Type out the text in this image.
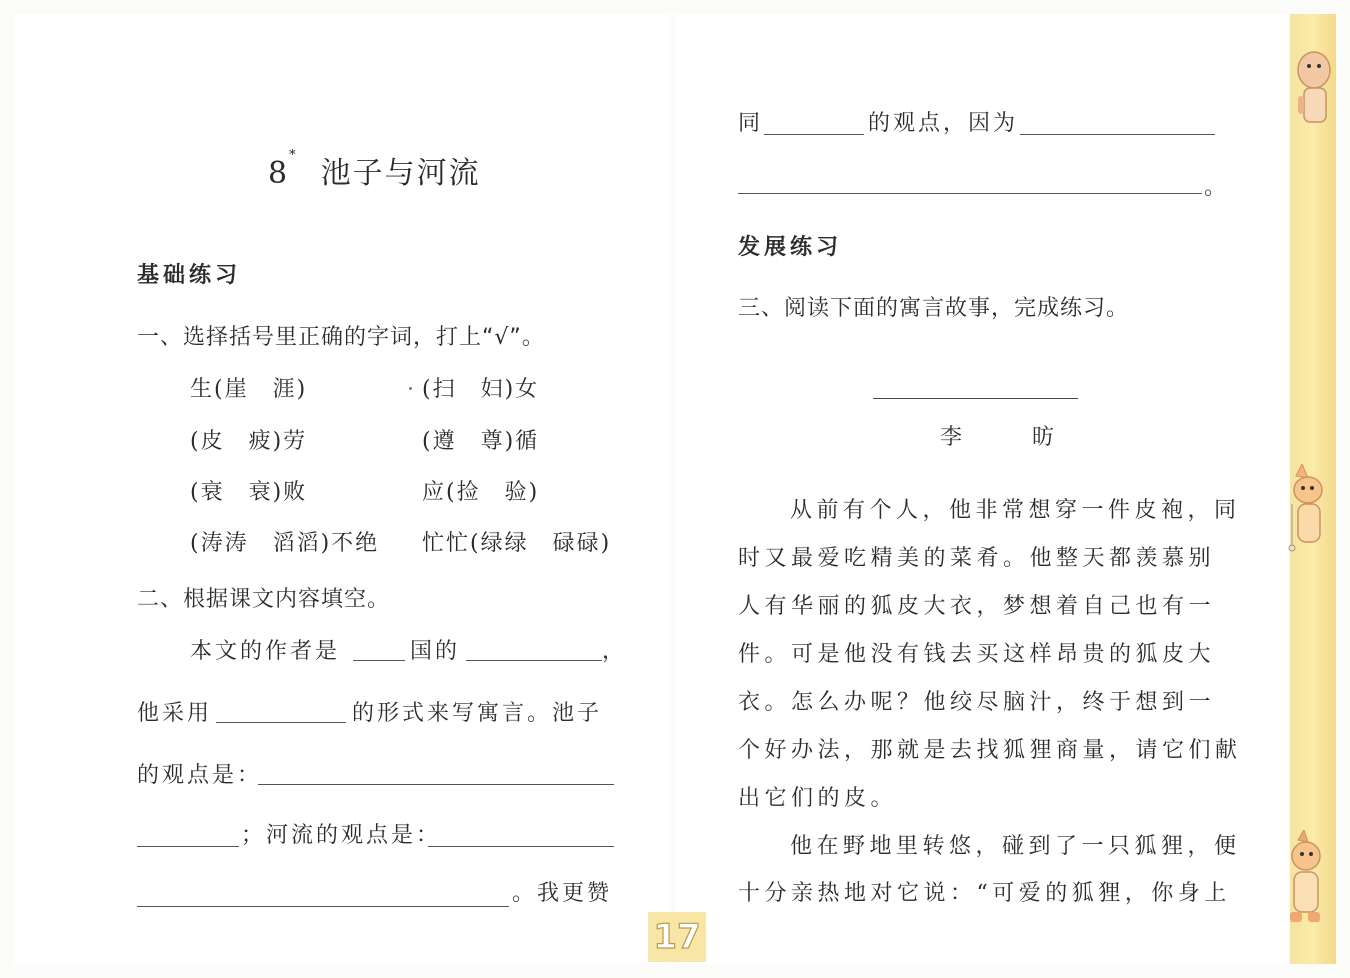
8*  池子与河流
基础练习
一、选择括号里正确的字词，打上“√”。
生(崖　涯)	(扫　妇)女
(皮　疲)劳	(遵　尊)循
(衰　衰)败	应(捡　验)
(涛涛　滔滔)不绝 忙忙(绿绿　碌碌)
二、根据课文内容填空。
本文的作者是	国的	，
他采用	的形式来写寓言。池子
的观点是：
；河流的观点是：
。我更赞
同	的观点，因为
。
发展练习
三、阅读下面的寓言故事，完成练习。
李　昉
从前有个人，他非常想穿一件皮袍，同
时又最爱吃精美的菜肴。他整天都羡慕别
人有华丽的狐皮大衣，梦想着自己也有一
件。可是他没有钱去买这样昂贵的狐皮大
衣。怎么办呢？他绞尽脑汁，终于想到一
个好办法，那就是去找狐狸商量，请它们献
出它们的皮。
他在野地里转悠，碰到了一只狐狸，便
十分亲热地对它说：“可爱的狐狸，你身上
17
